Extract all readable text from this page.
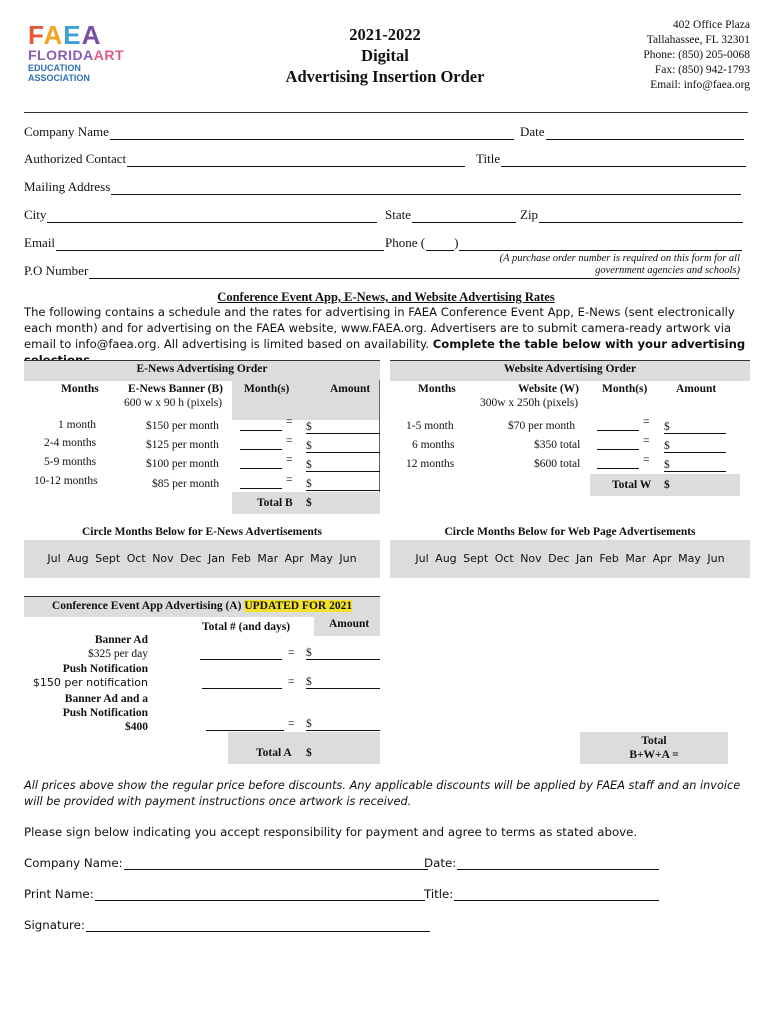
FAEA
FLORIDAART
EDUCATION
ASSOCIATION
2021-2022
Digital
Advertising Insertion Order
402 Office Plaza
Tallahassee, FL 32301
Phone: (850) 205-0068
Fax: (850) 942-1793
Email: info@faea.org
Company Name	Date
Authorized Contact	Title
Mailing Address
City	State	Zip
Email	Phone ( )
(A purchase order number is required on this form for all government agencies and schools)
P.O Number
Conference Event App, E-News, and Website Advertising Rates
The following contains a schedule and the rates for advertising in FAEA Conference Event App, E-News (sent electronically each month) and for advertising on the FAEA website, www.FAEA.org. Advertisers are to submit camera-ready artwork via email to info@faea.org. All advertising is limited based on availability. Complete the table below with your advertising
E-News Advertising Order
Months	E-News Banner (B)
600 w x 90 h (pixels)
Month(s)	Amount
1 month	$150 per month	= $
2-4 months	$125 per month	= $
5-9 months	$100 per month	= $
10-12 months	$85 per month	= $
Total B $
Circle Months Below for E-News Advertisements
Jul Aug Sept Oct Nov Dec Jan Feb Mar Apr May Jun
Website Advertising Order
Months	Website (W)
300w x 250h (pixels)
Month(s) Amount
1-5 month	$70 per month	= $
6 months	$350 total	= $
12 months	$600 total	= $
Total W $
Circle Months Below for Web Page Advertisements
Jul Aug Sept Oct Nov Dec Jan Feb Mar Apr May Jun
Conference Event App Advertising (A) UPDATED FOR 2021
Amount
Total # (and days)
Banner Ad
$325 per day	= $
Push Notification
$150 per notification	= $
Banner Ad and a
Push Notification
$400	= $
Total A $
Total
B+W+A =
All prices above show the regular price before discounts. Any applicable discounts will be applied by FAEA staff and an invoice will be provided with payment instructions once artwork is received.
Please sign below indicating you accept responsibility for payment and agree to terms as stated above.
Company Name:	Date:
Print Name:	Title:
Signature:
